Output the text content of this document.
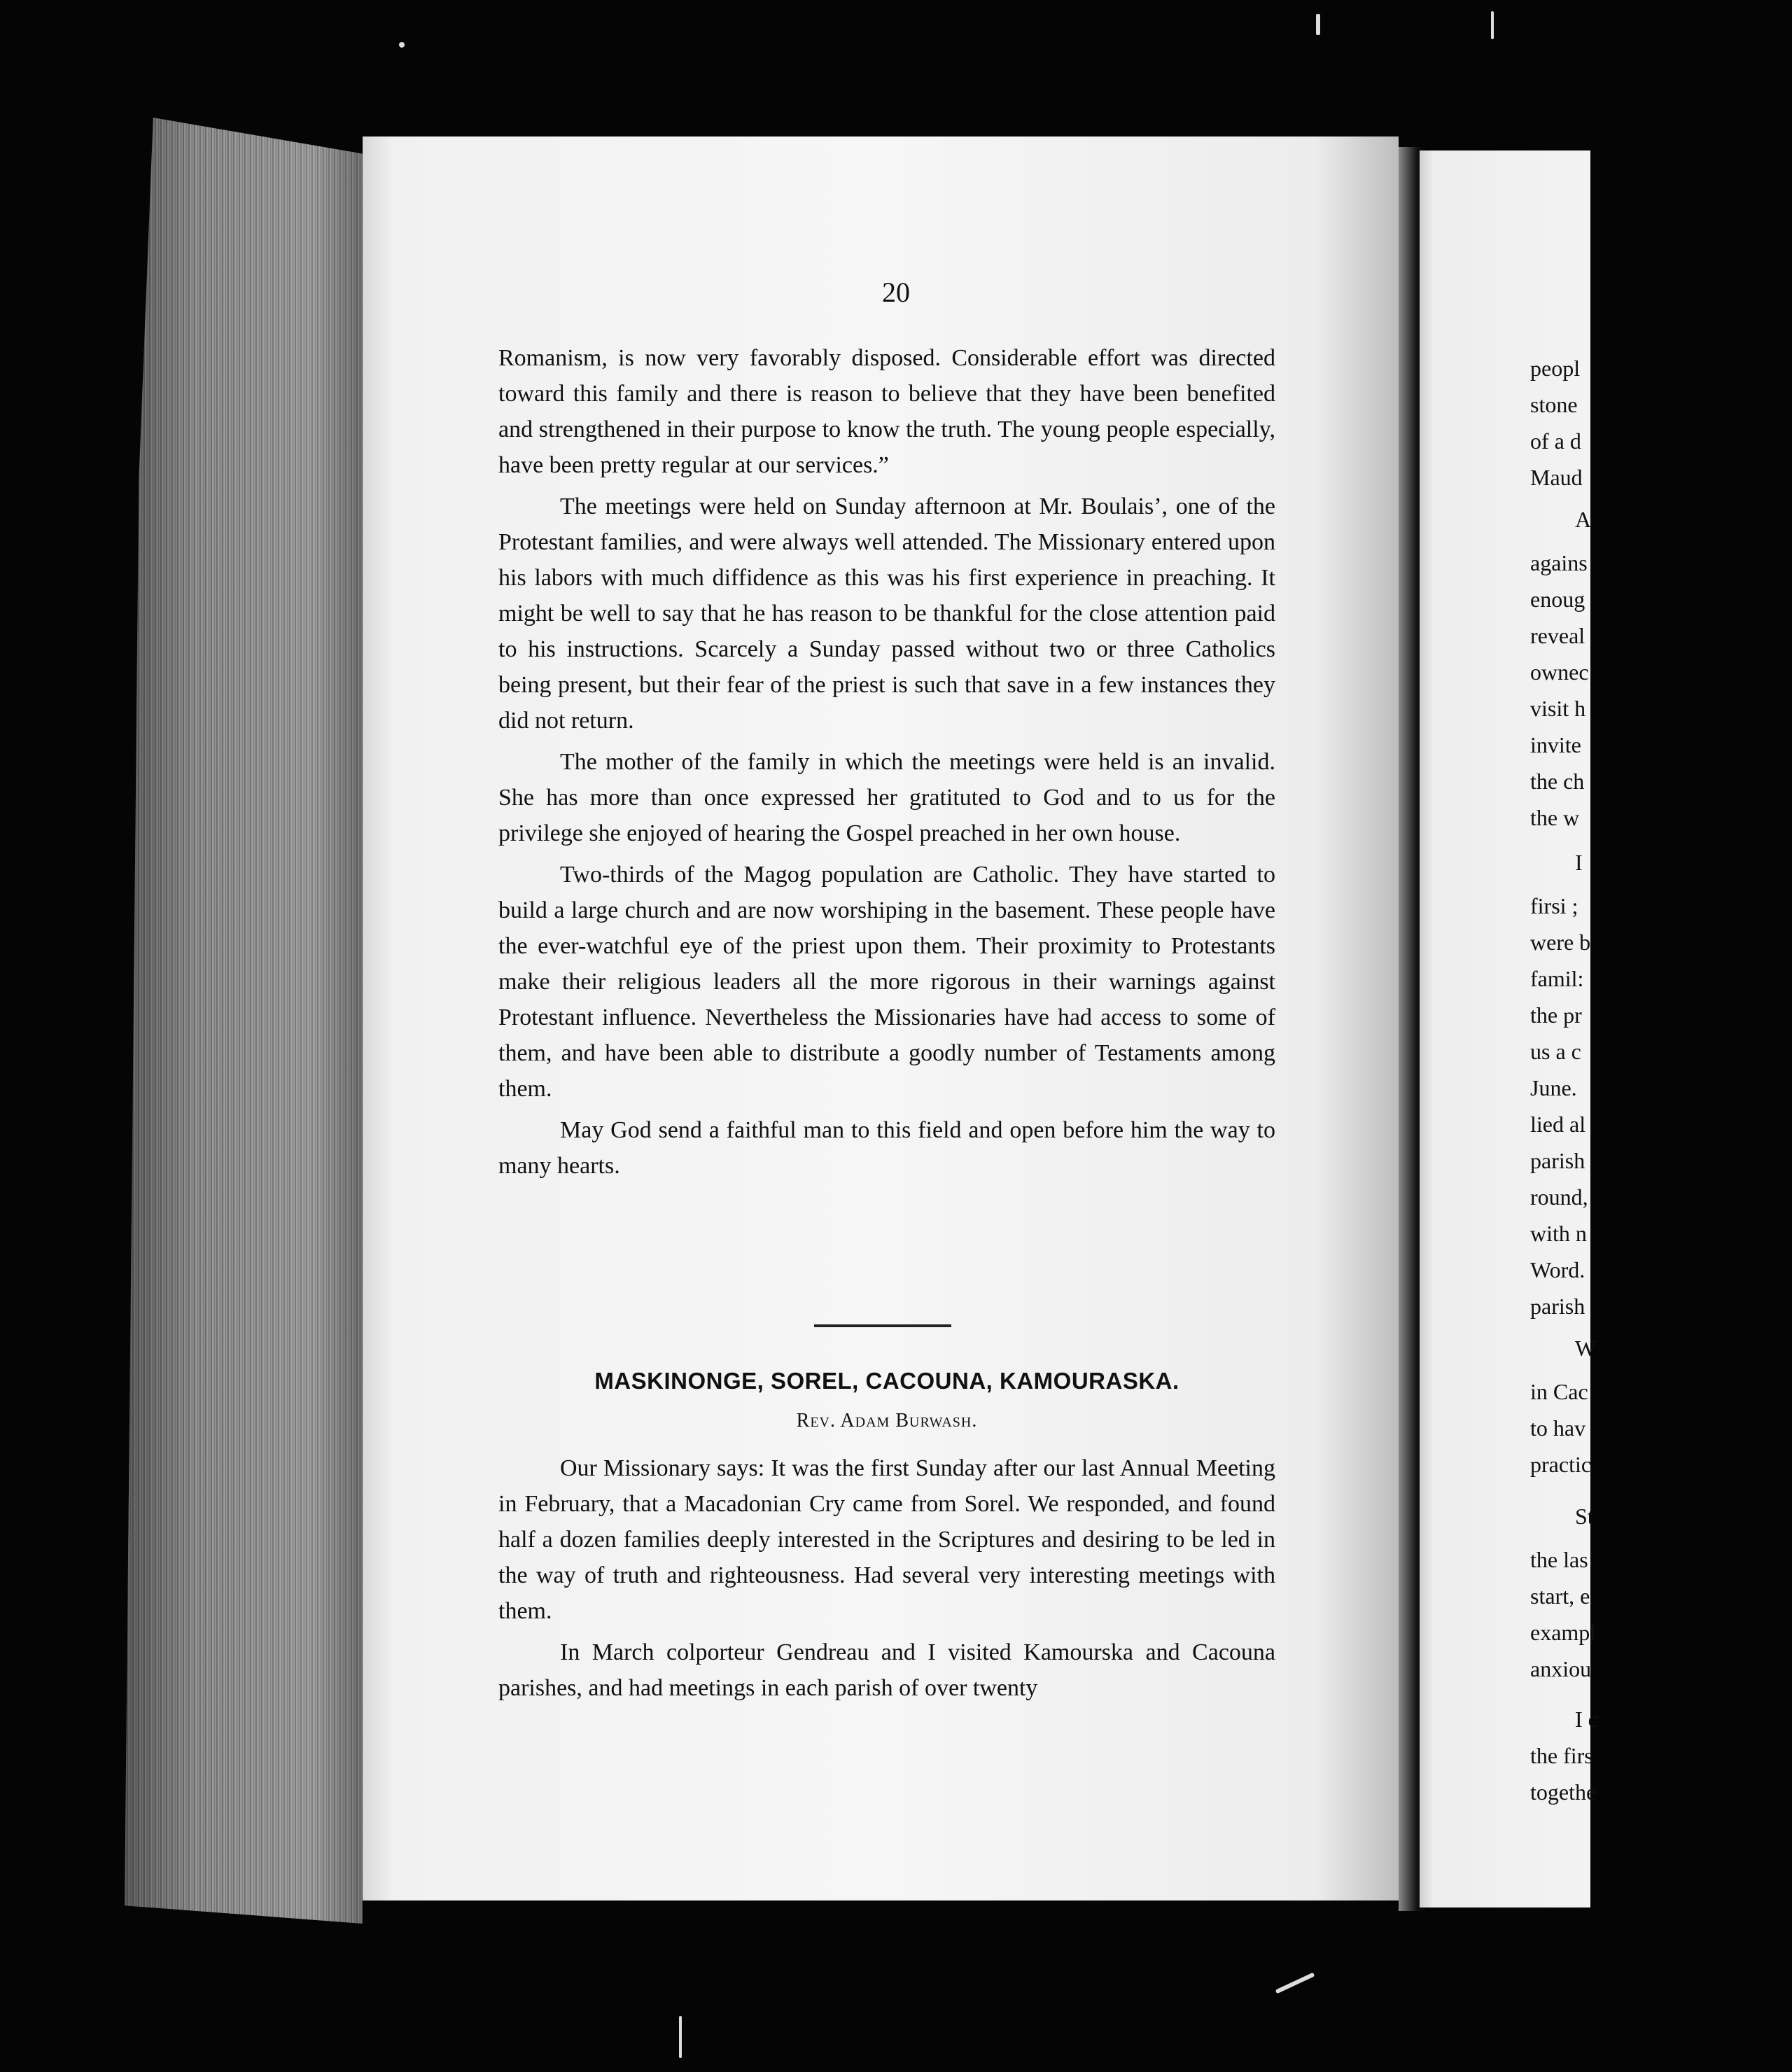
peopl
stone
of a d
Maud
A
agains
enoug
reveal
ownec
visit h
invite
the ch
the w
I
firsi ;
were b
famil:
the pr
us a c
June.
lied al
parish
round,
with n
Word.
parish
W
in Cac
to hav
practic
St
the las
start, e
exampl
anxiou
I c
the firs
togethe
20

Romanism, is now very favorably disposed. Considerable effort was directed toward this family and there is reason to believe that they have been benefited and strengthened in their purpose to know the truth. The young people especially, have been pretty regular at our services.”

The meetings were held on Sunday afternoon at Mr. Boulais’, one of the Protestant families, and were always well attended. The Missionary entered upon his labors with much diffidence as this was his first experience in preaching. It might be well to say that he has reason to be thankful for the close attention paid to his instructions. Scarcely a Sunday passed without two or three Catholics being present, but their fear of the priest is such that save in a few instances they did not return.

The mother of the family in which the meetings were held is an invalid. She has more than once expressed her gratituted to God and to us for the privilege she enjoyed of hearing the Gospel preached in her own house.

Two-thirds of the Magog population are Catholic. They have started to build a large church and are now worshiping in the basement. These people have the ever-watchful eye of the priest upon them. Their proximity to Protestants make their religious leaders all the more rigorous in their warnings against Protestant influence. Nevertheless the Missionaries have had access to some of them, and have been able to distribute a goodly number of Testaments among them.

May God send a faithful man to this field and open before him the way to many hearts.

MASKINONGE, SOREL, CACOUNA, KAMOURASKA.
Rev. Adam Burwash.

Our Missionary says: It was the first Sunday after our last Annual Meeting in February, that a Macadonian Cry came from Sorel. We responded, and found half a dozen families deeply interested in the Scriptures and desiring to be led in the way of truth and righteousness. Had several very interesting meetings with them.

In March colporteur Gendreau and I visited Kamourska and Cacouna parishes, and had meetings in each parish of over twenty
